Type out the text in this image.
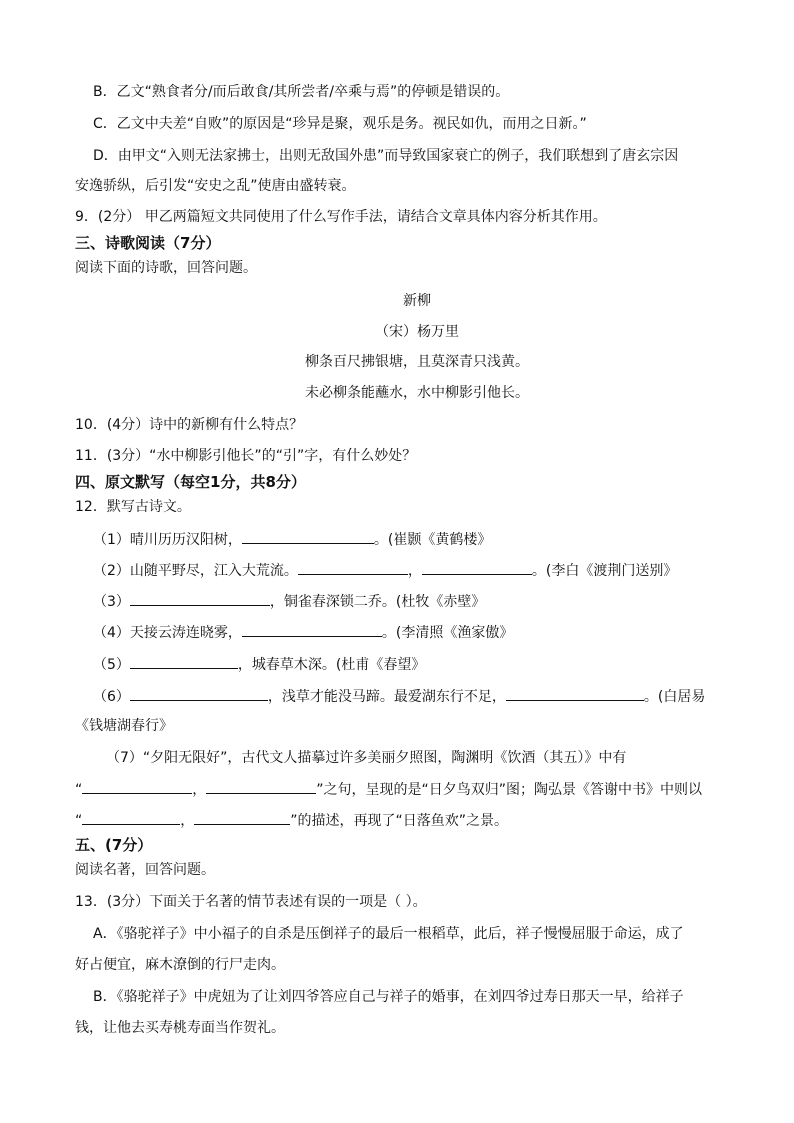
B．乙文“熟食者分/而后敢食/其所尝者/卒乘与焉”的停顿是错误的。
C．乙文中夫差“自败”的原因是“珍异是聚，观乐是务。视民如仇，而用之日新。”
D．由甲文“入则无法家拂士，出则无敌国外患”而导致国家衰亡的例子，我们联想到了唐玄宗因
安逸骄纵，后引发“安史之乱”使唐由盛转衰。
9．(2分） 甲乙两篇短文共同使用了什么写作手法，请结合文章具体内容分析其作用。
三、诗歌阅读（7分）
阅读下面的诗歌，回答问题。
新柳
（宋）杨万里
柳条百尺拂银塘，且莫深青只浅黄。
未必柳条能蘸水，水中柳影引他长。
10．(4分）诗中的新柳有什么特点？
11．(3分）“水中柳影引他长”的“引”字，有什么妙处？
四、原文默写（每空1分，共8分）
12．默写古诗文。
（1）晴川历历汉阳树，	。(崔颢《黄鹤楼》
（2）山随平野尽，江入大荒流。	，	。(李白《渡荆门送别》
（3）	，铜雀春深锁二乔。(杜牧《赤壁》
（4）天接云涛连晓雾，	。(李清照《渔家傲》
（5）	，城春草木深。(杜甫《春望》
（6）	，浅草才能没马蹄。最爱湖东行不足，	。(白居易
《钱塘湖春行》
（7）“夕阳无限好”，古代文人描摹过许多美丽夕照图，陶渊明《饮酒（其五）》中有
“	，	”之句，呈现的是“日夕鸟双归”图；陶弘景《答谢中书》中则以
“	，	”的描述，再现了“日落鱼欢”之景。
五、(7分）
阅读名著，回答问题。
13．(3分）下面关于名著的情节表述有误的一项是（ ）。
A．《骆驼祥子》中小福子的自杀是压倒祥子的最后一根稻草，此后，祥子慢慢屈服于命运，成了
好占便宜，麻木潦倒的行尸走肉。
B．《骆驼祥子》中虎妞为了让刘四爷答应自己与祥子的婚事，在刘四爷过寿日那天一早，给祥子
钱，让他去买寿桃寿面当作贺礼。
